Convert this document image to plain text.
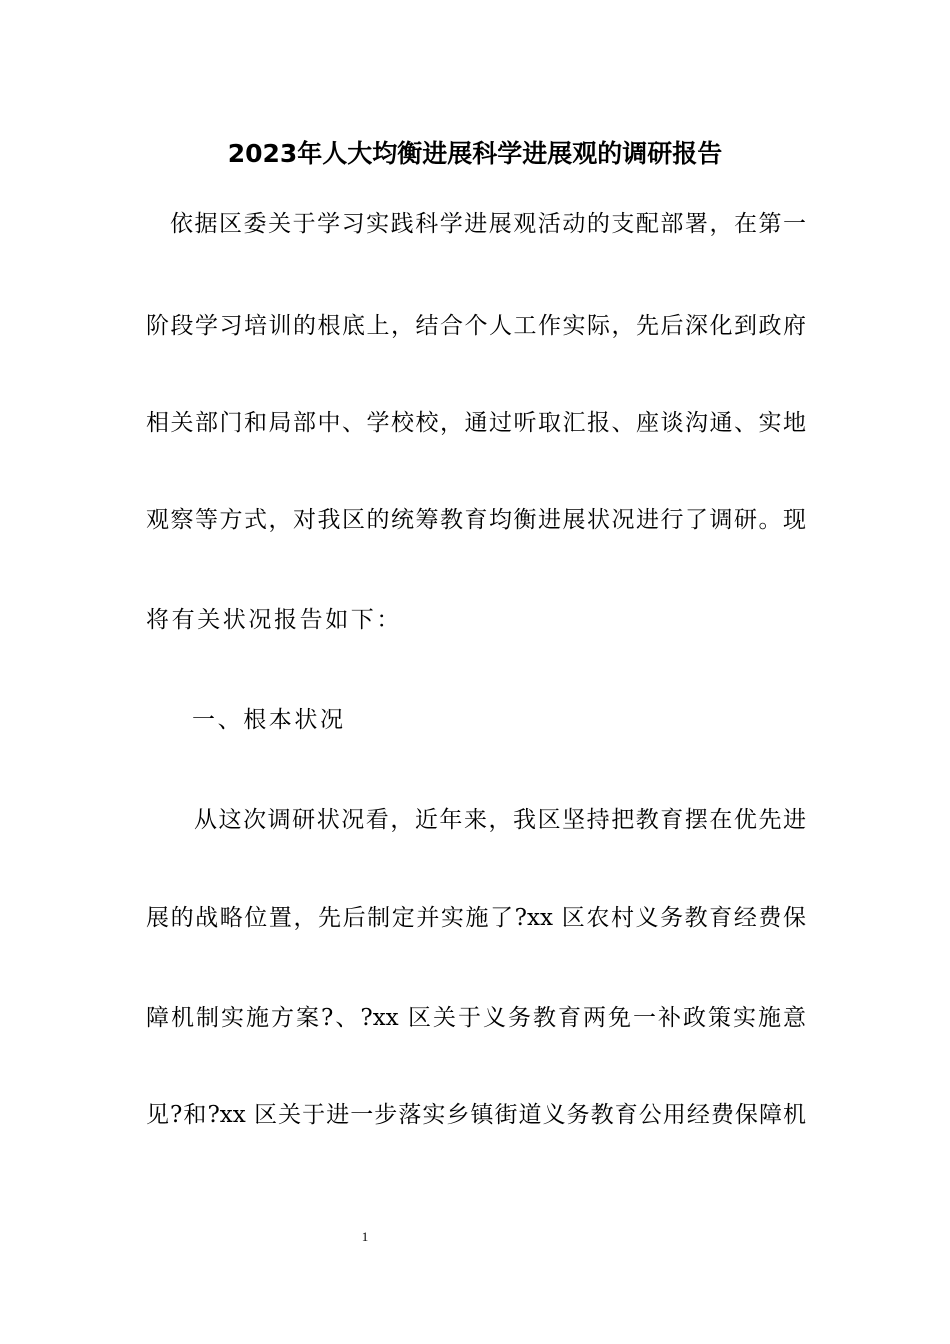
2023年人大均衡进展科学进展观的调研报告
依据区委关于学习实践科学进展观活动的支配部署，在第一
阶段学习培训的根底上，结合个人工作实际，先后深化到政府
相关部门和局部中、学校校，通过听取汇报、座谈沟通、实地
观察等方式，对我区的统筹教育均衡进展状况进行了调研。现
将有关状况报告如下：
一、根本状况
从这次调研状况看，近年来，我区坚持把教育摆在优先进
展的战略位置，先后制定并实施了?xx 区农村义务教育经费保
障机制实施方案?、?xx 区关于义务教育两免一补政策实施意
见?和?xx 区关于进一步落实乡镇街道义务教育公用经费保障机
1
